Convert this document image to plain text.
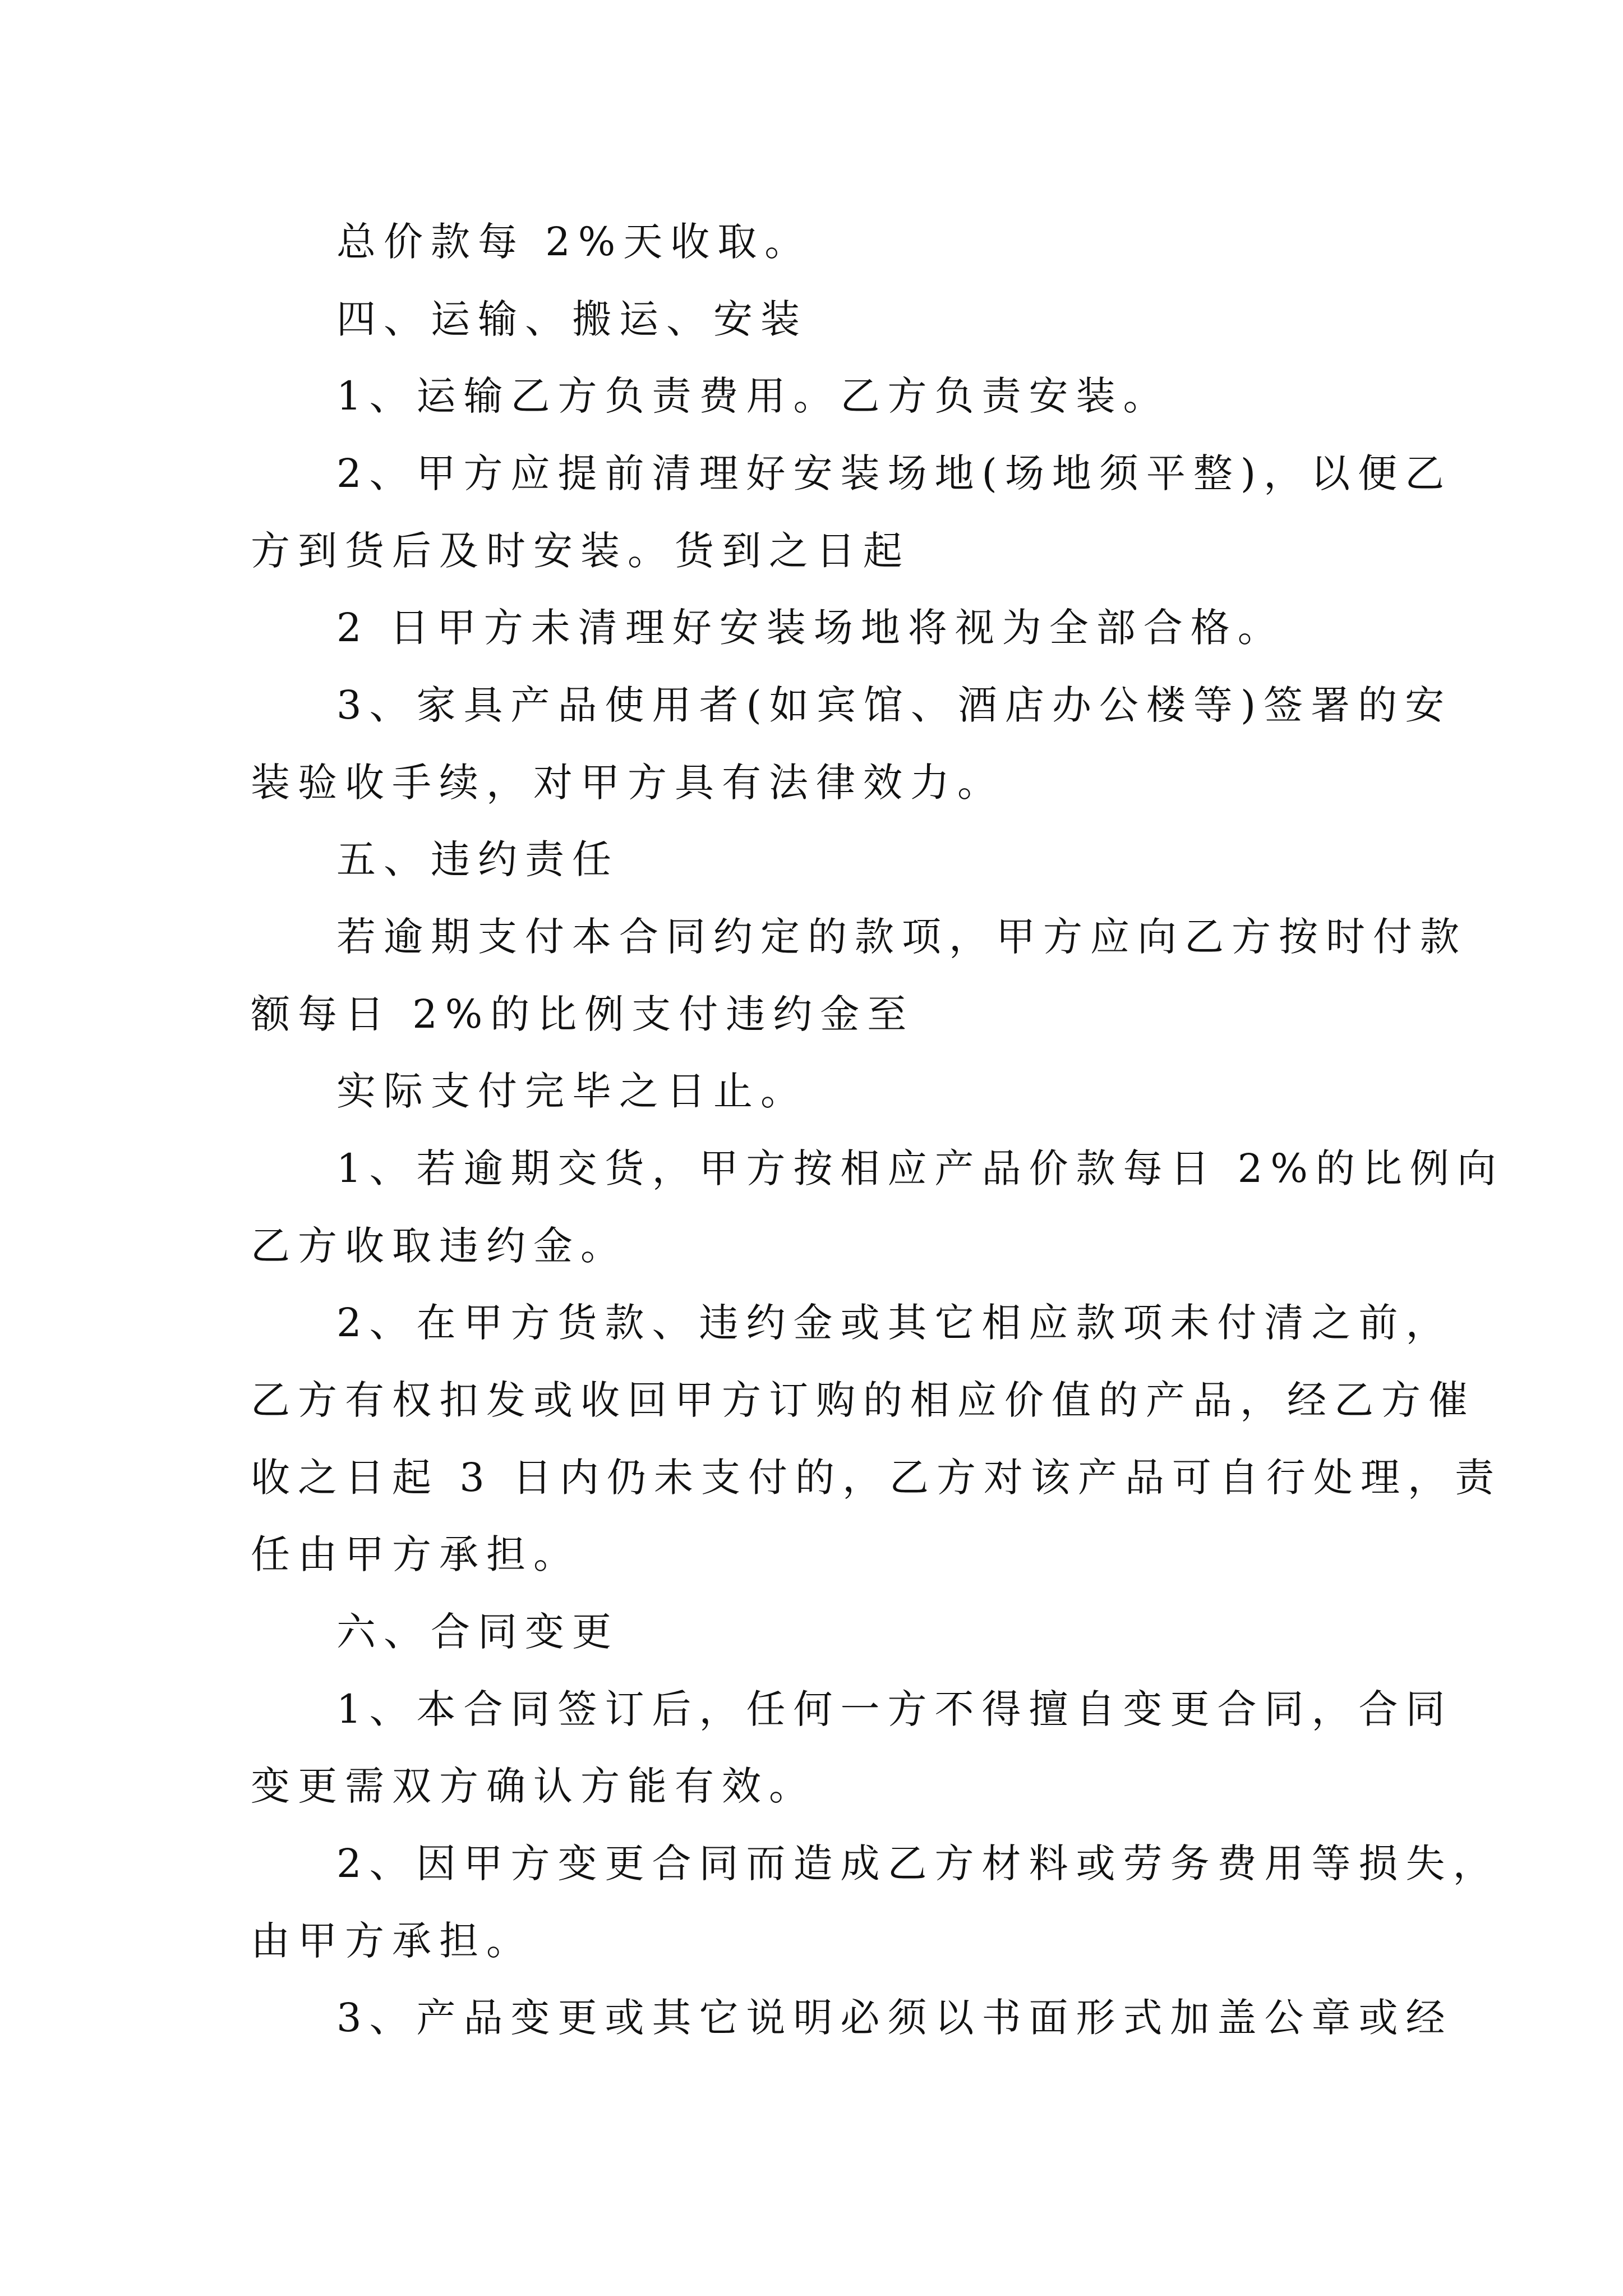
总价款每 2%天收取。
四、运输、搬运、安装
1、运输乙方负责费用。乙方负责安装。
2、甲方应提前清理好安装场地(场地须平整)，以便乙
方到货后及时安装。货到之日起
2 日甲方未清理好安装场地将视为全部合格。
3、家具产品使用者(如宾馆、酒店办公楼等)签署的安
装验收手续，对甲方具有法律效力。
五、违约责任
若逾期支付本合同约定的款项，甲方应向乙方按时付款
额每日 2%的比例支付违约金至
实际支付完毕之日止。
1、若逾期交货，甲方按相应产品价款每日 2%的比例向
乙方收取违约金。
2、在甲方货款、违约金或其它相应款项未付清之前，
乙方有权扣发或收回甲方订购的相应价值的产品，经乙方催
收之日起 3 日内仍未支付的，乙方对该产品可自行处理，责
任由甲方承担。
六、合同变更
1、本合同签订后，任何一方不得擅自变更合同，合同
变更需双方确认方能有效。
2、因甲方变更合同而造成乙方材料或劳务费用等损失，
由甲方承担。
3、产品变更或其它说明必须以书面形式加盖公章或经
